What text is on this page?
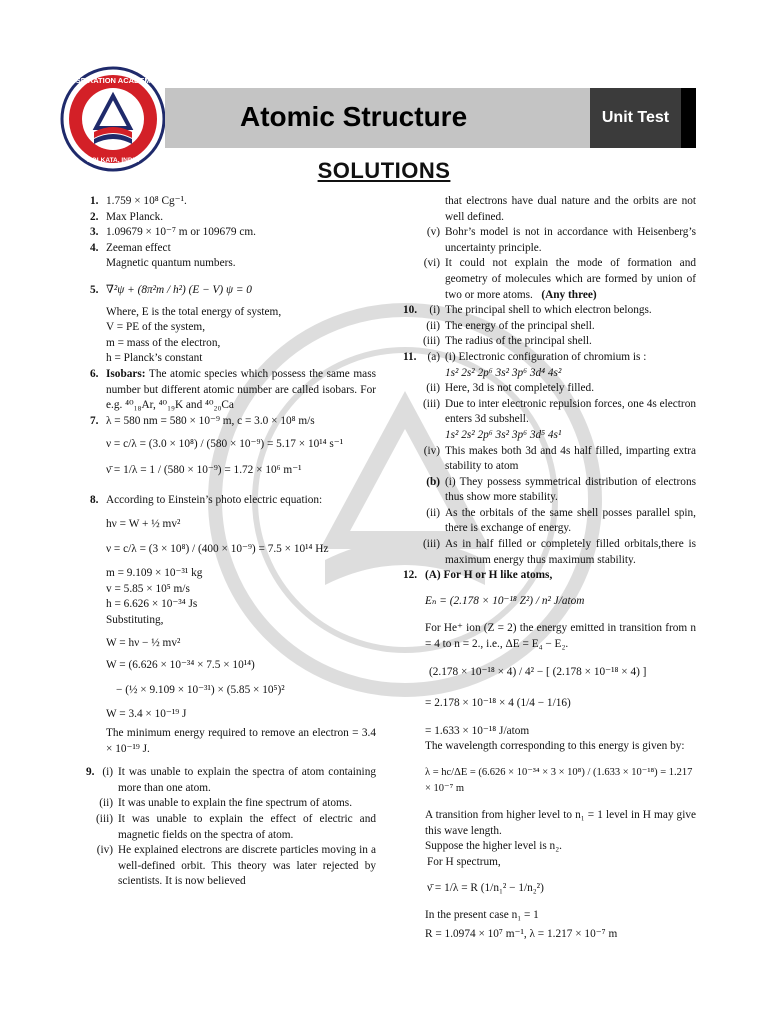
ASPIRATION ACADEMY
KOLKATA, INDIA
Atomic Structure	Unit Test
SOLUTIONS
1. 1.759 × 10⁸ Cg⁻¹.
2. Max Planck.
3. 1.09679 × 10⁻⁷ m or 109679 cm.
4. Zeeman effect
Magnetic quantum numbers.
5. ∇²ψ + (8π²m / h²) (E − V) ψ = 0
Where, E is the total energy of system,
V = PE of the system,
m = mass of the electron,
h = Planck’s constant
6. Isobars: The atomic species which possess the same mass number but different atomic number are called isobars. For e.g. ⁴⁰₁₈Ar, ⁴⁰₁₉K and ⁴⁰₂₀Ca
7. λ = 580 nm = 580 × 10⁻⁹ m, c = 3.0 × 10⁸ m/s
ν = c/λ = (3.0 × 10⁸) / (580 × 10⁻⁹) = 5.17 × 10¹⁴ s⁻¹
ν̄ = 1/λ = 1 / (580 × 10⁻⁹) = 1.72 × 10⁶ m⁻¹
8. According to Einstein’s photo electric equation:
hν = W + ½ mv²
ν = c/λ = (3 × 10⁸) / (400 × 10⁻⁹) = 7.5 × 10¹⁴ Hz
m = 9.109 × 10⁻³¹ kg
v = 5.85 × 10⁵ m/s
h = 6.626 × 10⁻³⁴ Js
Substituting,
W = hν − ½ mv²
W = (6.626 × 10⁻³⁴ × 7.5 × 10¹⁴)
− (½ × 9.109 × 10⁻³¹) × (5.85 × 10⁵)²
W = 3.4 × 10⁻¹⁹ J
The minimum energy required to remove an electron = 3.4 × 10⁻¹⁹ J.
9. (i) It was unable to explain the spectra of atom containing more than one atom.
(ii) It was unable to explain the fine spectrum of atoms.
(iii) It was unable to explain the effect of electric and magnetic fields on the spectra of atom.
(iv) He explained electrons are discrete particles moving in a well-defined orbit. This theory was later rejected by scientists. It is now believed
that electrons have dual nature and the orbits are not well defined.
(v) Bohr’s model is not in accordance with Heisenberg’s uncertainty principle.
(vi) It could not explain the mode of formation and geometry of molecules which are formed by union of two or more atoms. (Any three)
10.	(i) The principal shell to which electron belongs.
(ii) The energy of the principal shell.
(iii) The radius of the principal shell.
11. (a) (i) Electronic configuration of chromium is :
1s² 2s² 2p⁶ 3s² 3p⁶ 3d⁴ 4s²
(ii) Here, 3d is not completely filled.
(iii) Due to inter electronic repulsion forces, one 4s electron enters 3d subshell.
1s² 2s² 2p⁶ 3s² 3p⁶ 3d⁵ 4s¹
(iv) This makes both 3d and 4s half filled, imparting extra stability to atom
(b) (i) They possess symmetrical distribution of electrons thus show more stability.
(ii) As the orbitals of the same shell posses parallel spin, there is exchange of energy.
(iii) As in half filled or completely filled orbitals,there is maximum energy thus maximum stability.
12. (A) For H or H like atoms,
Eₙ = (2.178 × 10⁻¹⁸ Z²) / n² J/atom
For He⁺ ion (Z = 2) the energy emitted in transition from n = 4 to n = 2., i.e., ΔE = E₄ − E₂.
(2.178 × 10⁻¹⁸ × 4) / 4² − [ (2.178 × 10⁻¹⁸ × 4) ]
= 2.178 × 10⁻¹⁸ × 4 (1/4 − 1/16)
= 1.633 × 10⁻¹⁸ J/atom
The wavelength corresponding to this energy is given by:
λ = hc/ΔE = (6.626 × 10⁻³⁴ × 3 × 10⁸) / (1.633 × 10⁻¹⁸) = 1.217 × 10⁻⁷ m
A transition from higher level to n₁ = 1 level in H may give this wave length.
Suppose the higher level is n₂.
For H spectrum,
ν̄ = 1/λ = R (1/n₁² − 1/n₂²)
In the present case n₁ = 1
R = 1.0974 × 10⁷ m⁻¹, λ = 1.217 × 10⁻⁷ m
